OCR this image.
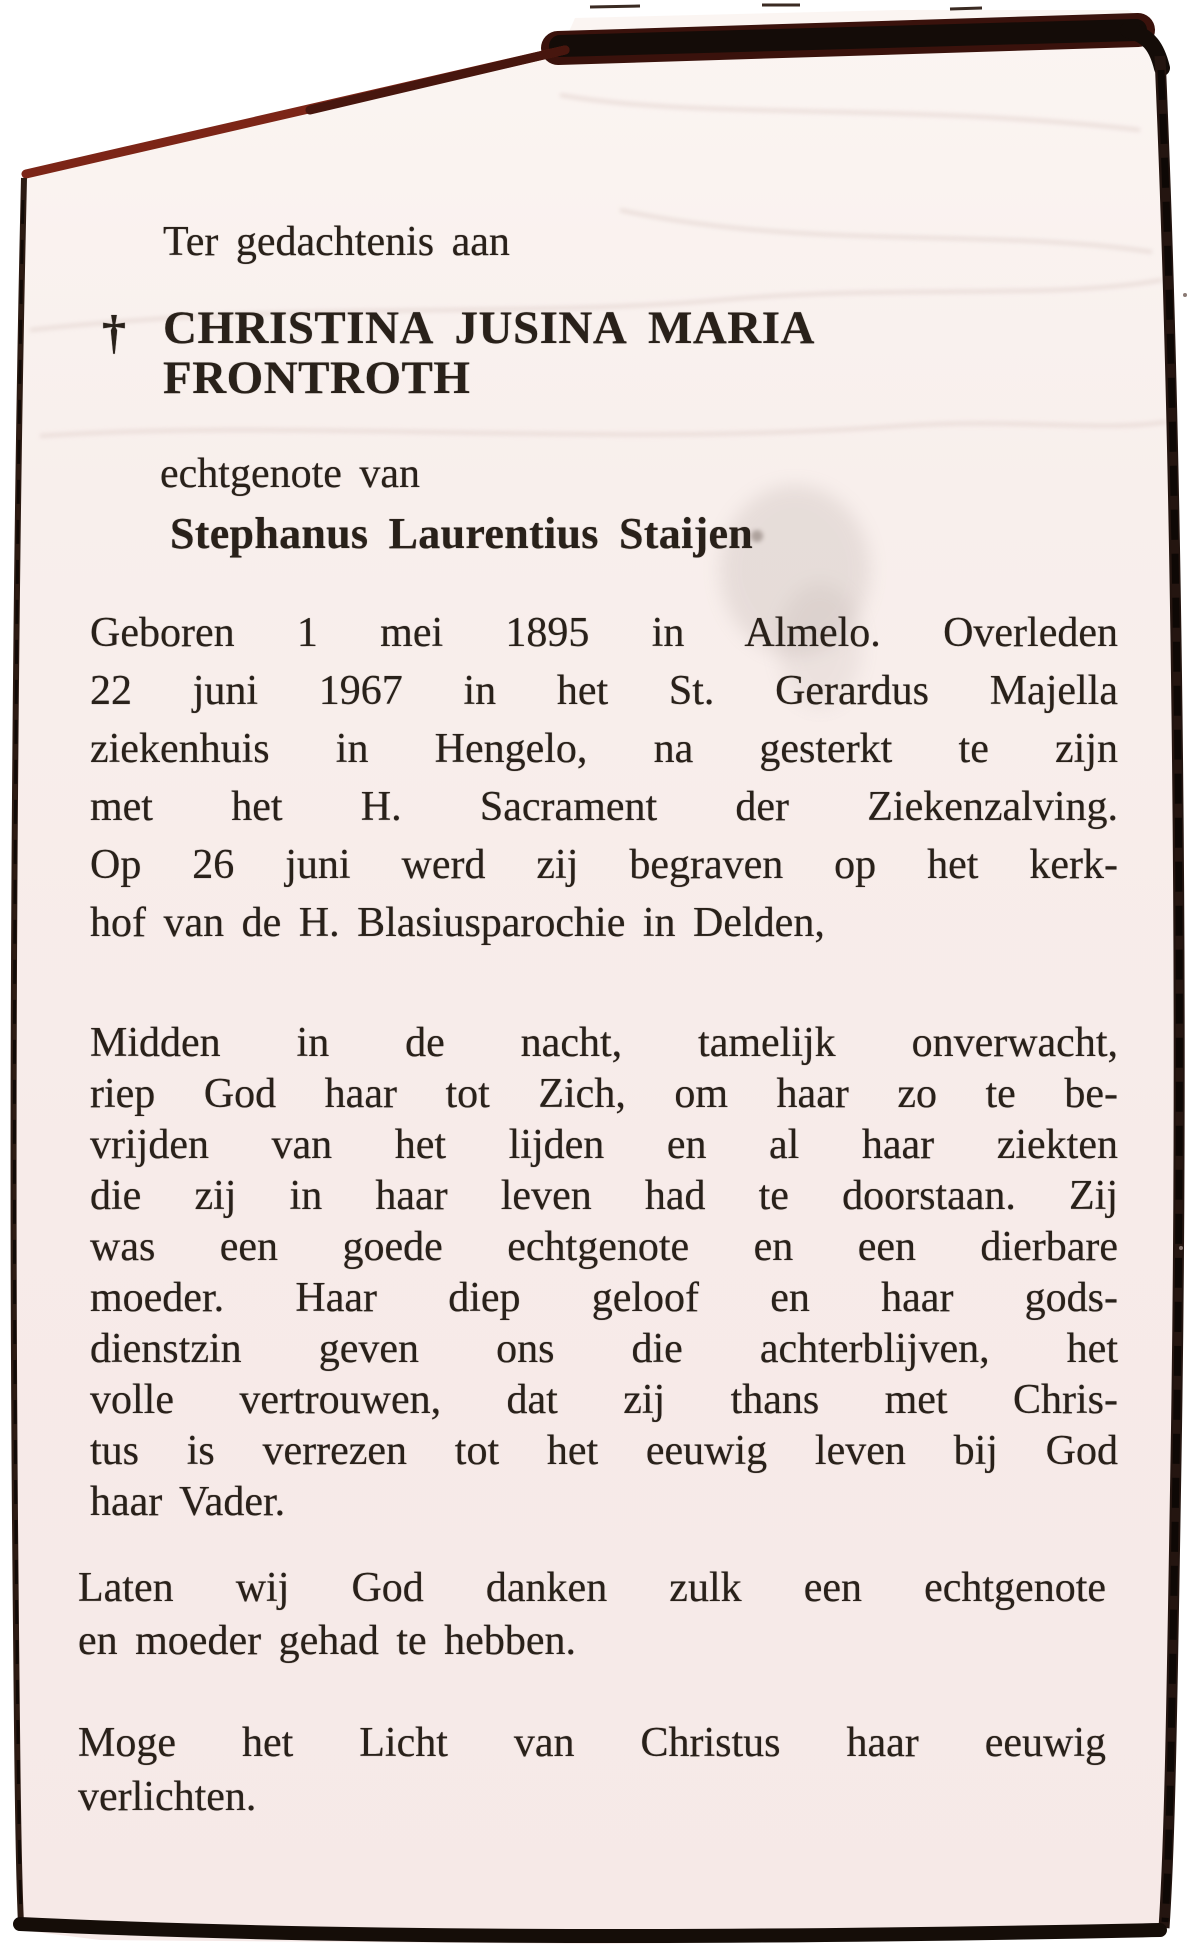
Ter gedachtenis aan
† CHRISTINA JUSINA MARIA
FRONTROTH
echtgenote van
Stephanus Laurentius Staijen
Geboren 1 mei 1895 in Almelo. Overleden
22 juni 1967 in het St. Gerardus Majella
ziekenhuis in Hengelo, na gesterkt te zijn
met het H. Sacrament der Ziekenzalving.
Op 26 juni werd zij begraven op het kerk-
hof van de H. Blasiusparochie in Delden,
Midden in de nacht, tamelijk onverwacht,
riep God haar tot Zich, om haar zo te be-
vrijden van het lijden en al haar ziekten
die zij in haar leven had te doorstaan. Zij
was een goede echtgenote en een dierbare
moeder. Haar diep geloof en haar gods-
dienstzin geven ons die achterblijven, het
volle vertrouwen, dat zij thans met Chris-
tus is verrezen tot het eeuwig leven bij God
haar Vader.
Laten wij God danken zulk een echtgenote
en moeder gehad te hebben.
Moge het Licht van Christus haar eeuwig
verlichten.
